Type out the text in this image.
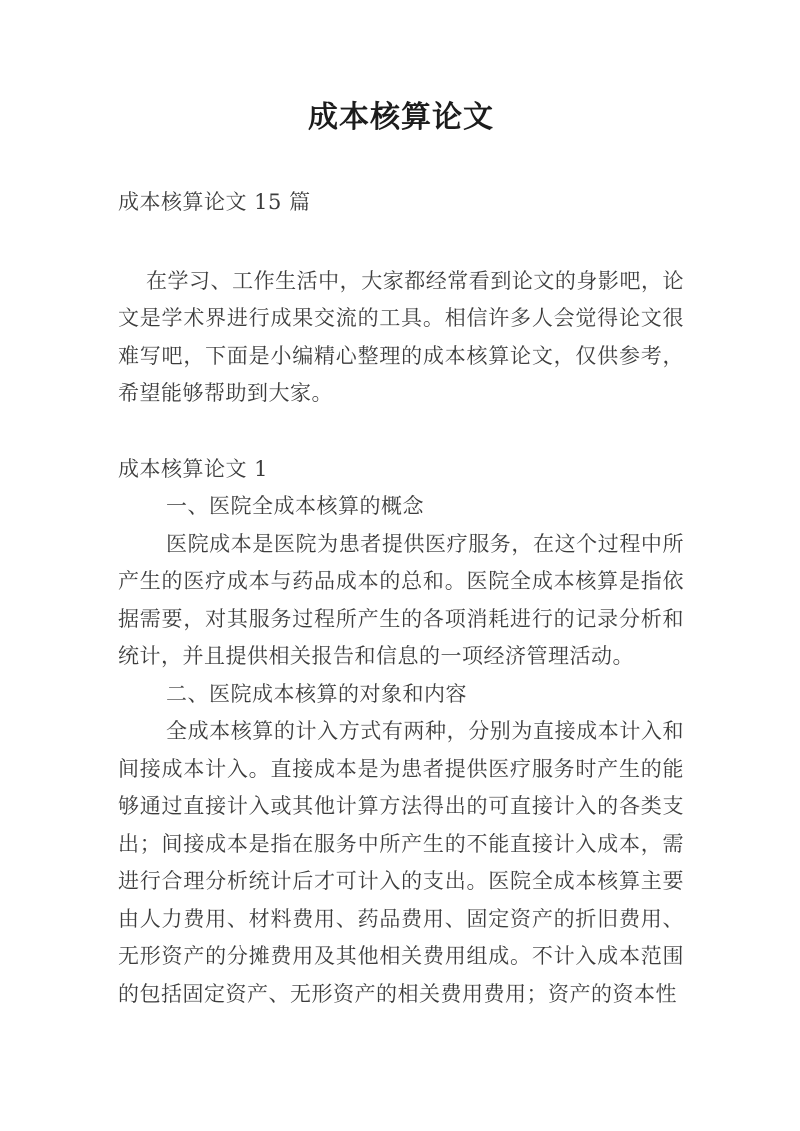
成本核算论文

成本核算论文 15 篇

在学习、工作生活中，大家都经常看到论文的身影吧，论文是学术界进行成果交流的工具。相信许多人会觉得论文很难写吧，下面是小编精心整理的成本核算论文，仅供参考，希望能够帮助到大家。

成本核算论文 1

一、医院全成本核算的概念

医院成本是医院为患者提供医疗服务，在这个过程中所产生的医疗成本与药品成本的总和。医院全成本核算是指依据需要，对其服务过程所产生的各项消耗进行的记录分析和统计，并且提供相关报告和信息的一项经济管理活动。

二、医院成本核算的对象和内容

全成本核算的计入方式有两种，分别为直接成本计入和间接成本计入。直接成本是为患者提供医疗服务时产生的能够通过直接计入或其他计算方法得出的可直接计入的各类支出；间接成本是指在服务中所产生的不能直接计入成本，需进行合理分析统计后才可计入的支出。医院全成本核算主要由人力费用、材料费用、药品费用、固定资产的折旧费用、无形资产的分摊费用及其他相关费用组成。不计入成本范围的包括固定资产、无形资产的相关费用费用；资产的资本性
